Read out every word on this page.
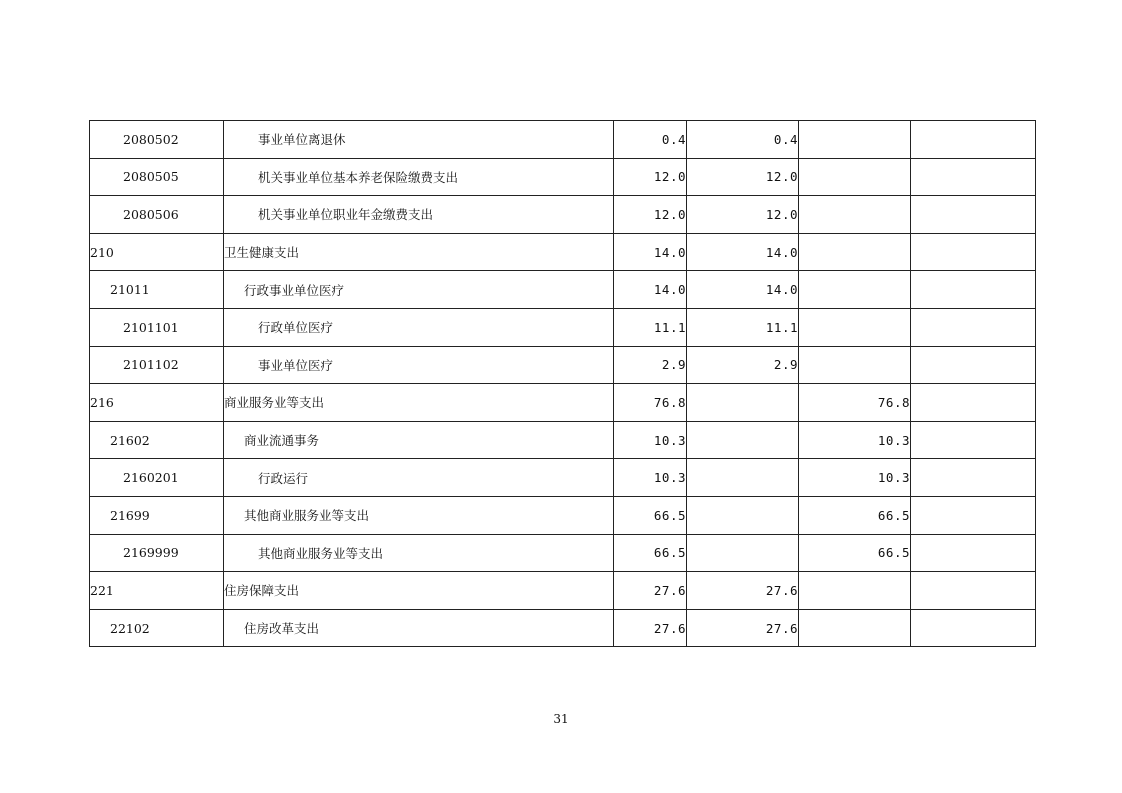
2080502	事业单位离退休	0.4	0.4		
2080505	机关事业单位基本养老保险缴费支出	12.0	12.0		
2080506	机关事业单位职业年金缴费支出	12.0	12.0		
210	卫生健康支出	14.0	14.0		
21011	行政事业单位医疗	14.0	14.0		
2101101	行政单位医疗	11.1	11.1		
2101102	事业单位医疗	2.9	2.9		
216	商业服务业等支出	76.8		76.8	
21602	商业流通事务	10.3		10.3	
2160201	行政运行	10.3		10.3	
21699	其他商业服务业等支出	66.5		66.5	
2169999	其他商业服务业等支出	66.5		66.5	
221	住房保障支出	27.6	27.6		
22102	住房改革支出	27.6	27.6		
31
